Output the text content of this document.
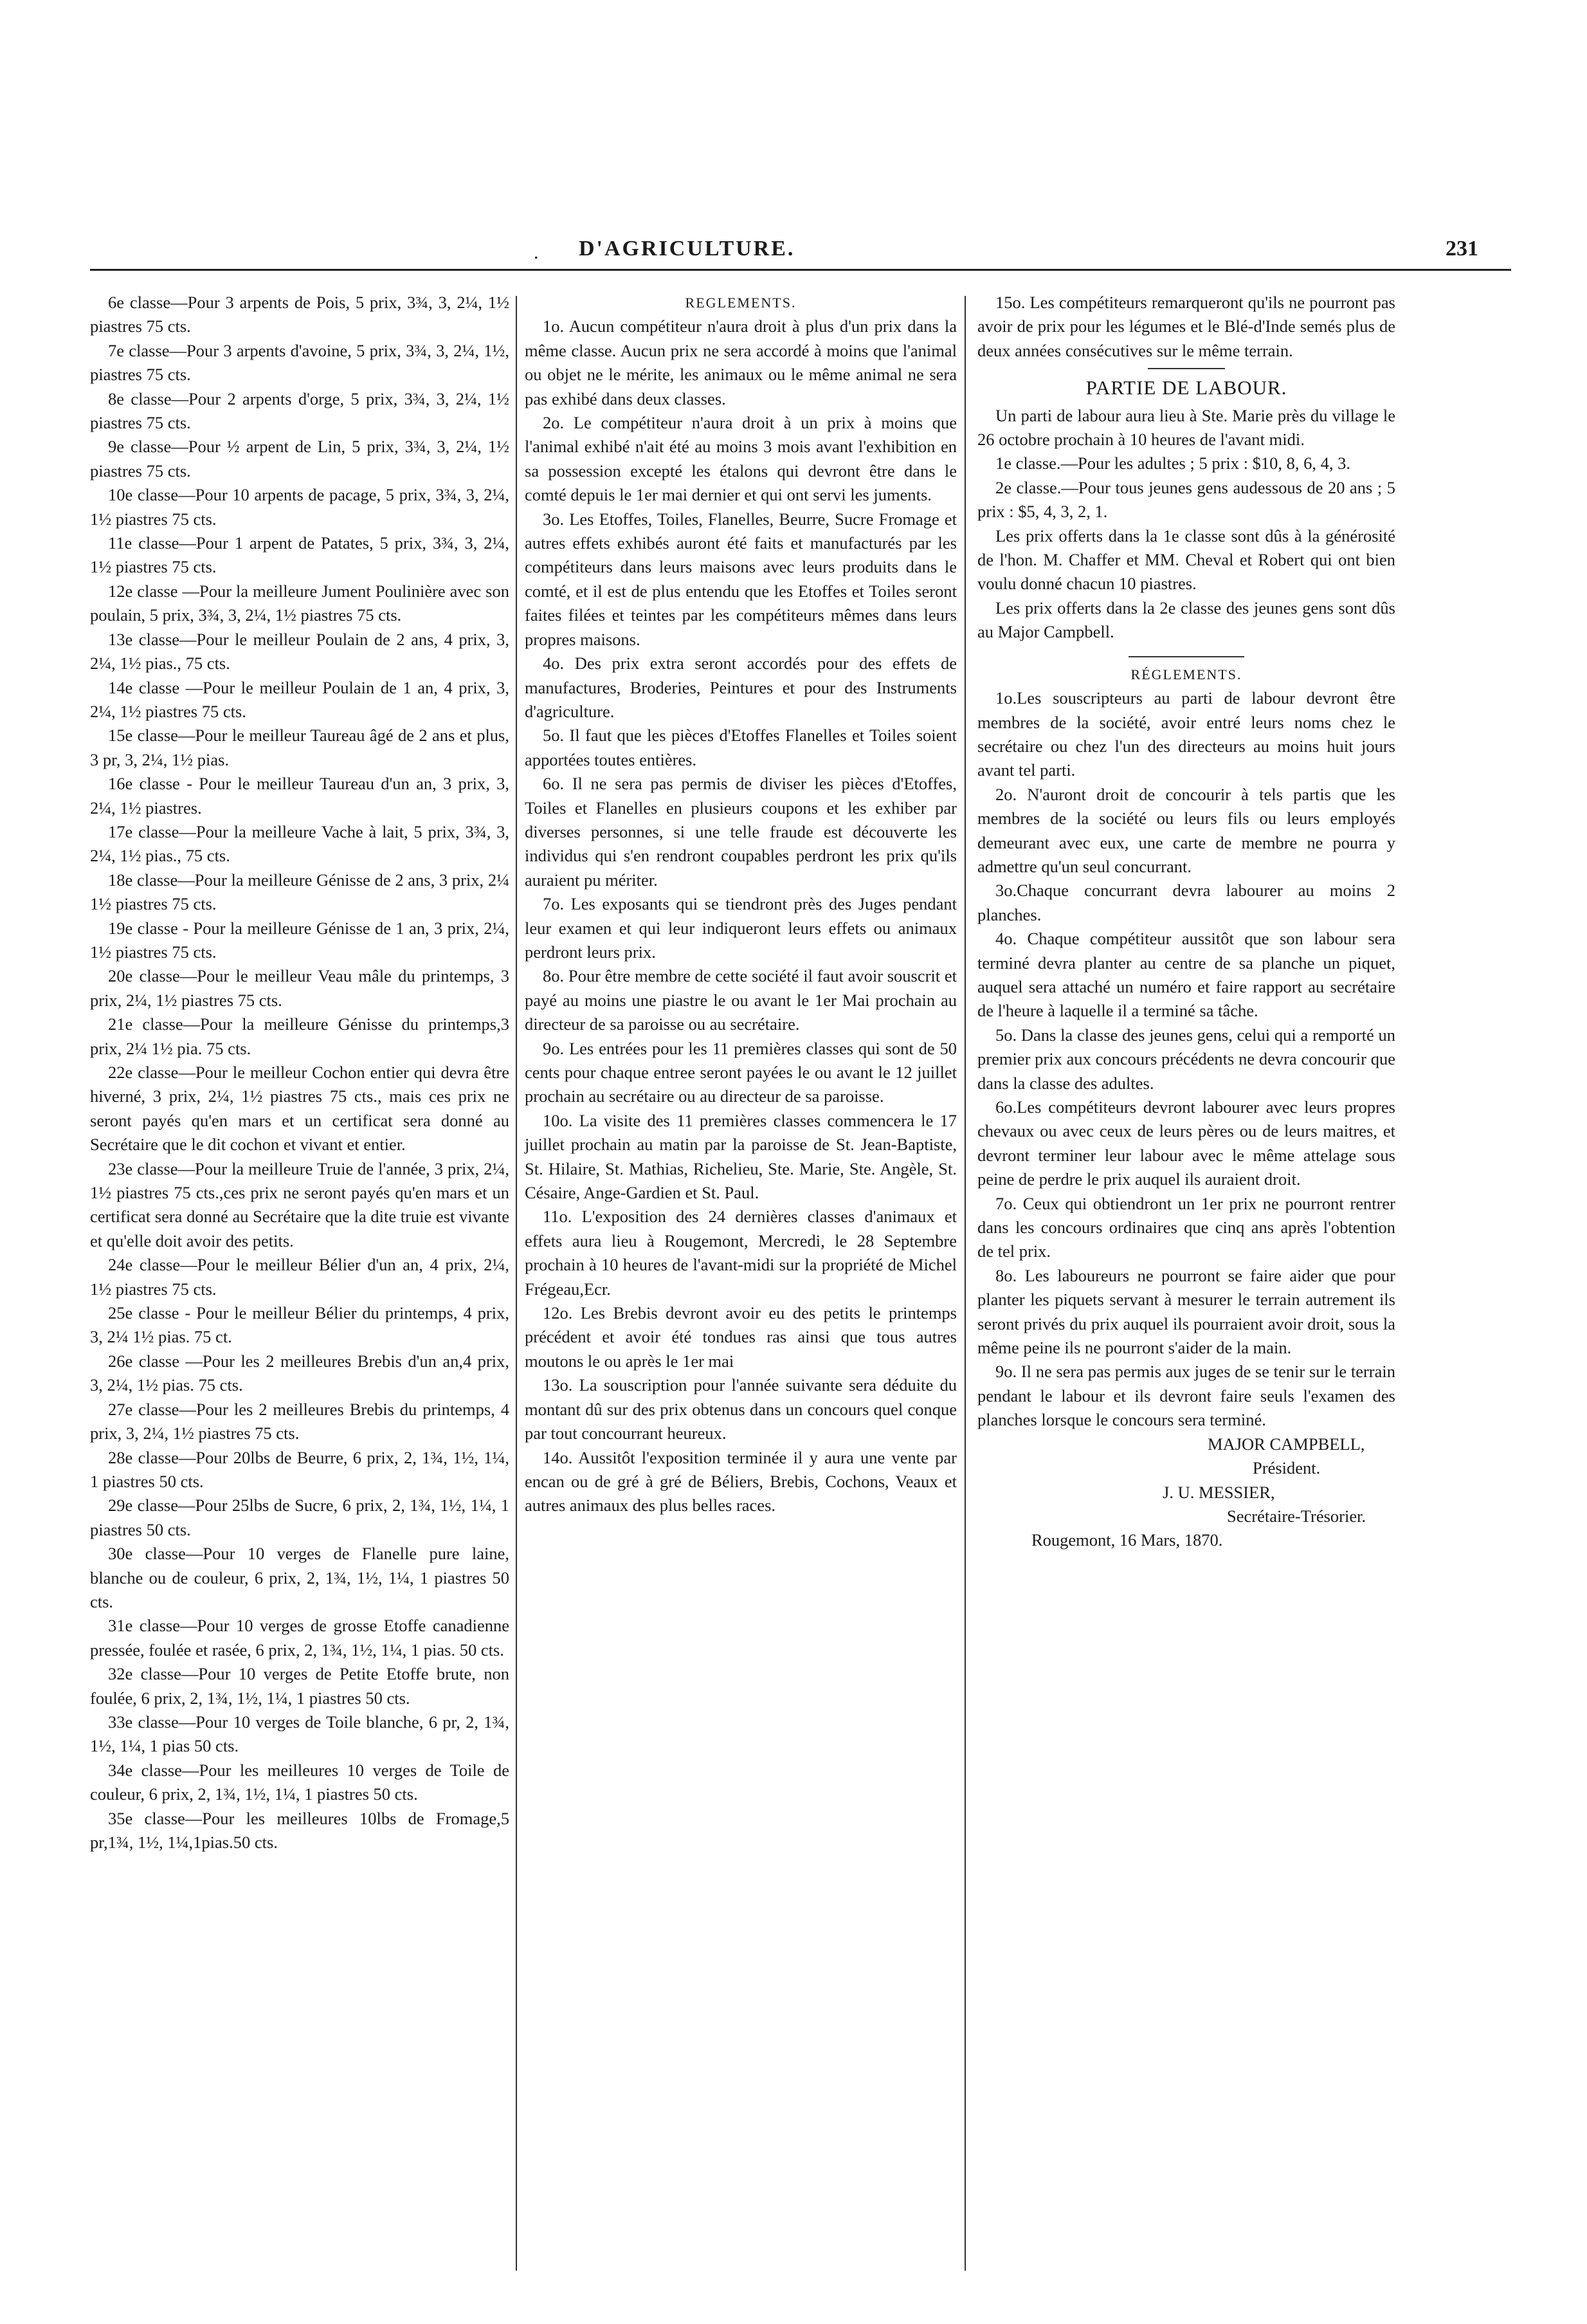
. D'AGRICULTURE.	231

6e classe—Pour 3 arpents de Pois, 5 prix, 3¾, 3, 2¼, 1½ piastres 75 cts.

7e classe—Pour 3 arpents d'avoine, 5 prix, 3¾, 3, 2¼, 1½, piastres 75 cts.

8e classe—Pour 2 arpents d'orge, 5 prix, 3¾, 3, 2¼, 1½ piastres 75 cts.

9e classe—Pour ½ arpent de Lin, 5 prix, 3¾, 3, 2¼, 1½ piastres 75 cts.

10e classe—Pour 10 arpents de pacage, 5 prix, 3¾, 3, 2¼, 1½ piastres 75 cts.

11e classe—Pour 1 arpent de Patates, 5 prix, 3¾, 3, 2¼, 1½ piastres 75 cts.

12e classe —Pour la meilleure Jument Poulinière avec son poulain, 5 prix, 3¾, 3, 2¼, 1½ piastres 75 cts.

13e classe—Pour le meilleur Poulain de 2 ans, 4 prix, 3, 2¼, 1½ pias., 75 cts.

14e classe —Pour le meilleur Poulain de 1 an, 4 prix, 3, 2¼, 1½ piastres 75 cts.

15e classe—Pour le meilleur Taureau âgé de 2 ans et plus, 3 pr, 3, 2¼, 1½ pias.

16e classe - Pour le meilleur Taureau d'un an, 3 prix, 3, 2¼, 1½ piastres.

17e classe—Pour la meilleure Vache à lait, 5 prix, 3¾, 3, 2¼, 1½ pias., 75 cts.

18e classe—Pour la meilleure Génisse de 2 ans, 3 prix, 2¼ 1½ piastres 75 cts.

19e classe - Pour la meilleure Génisse de 1 an, 3 prix, 2¼, 1½ piastres 75 cts.

20e classe—Pour le meilleur Veau mâle du printemps, 3 prix, 2¼, 1½ piastres 75 cts.

21e classe—Pour la meilleure Génisse du printemps,3 prix, 2¼ 1½ pia. 75 cts.

22e classe—Pour le meilleur Cochon entier qui devra être hiverné, 3 prix, 2¼, 1½ piastres 75 cts., mais ces prix ne seront payés qu'en mars et un certificat sera donné au Secrétaire que le dit cochon et vivant et entier.

23e classe—Pour la meilleure Truie de l'année, 3 prix, 2¼, 1½ piastres 75 cts.,ces prix ne seront payés qu'en mars et un certificat sera donné au Secrétaire que la dite truie est vivante et qu'elle doit avoir des petits.

24e classe—Pour le meilleur Bélier d'un an, 4 prix, 2¼, 1½ piastres 75 cts.

25e classe - Pour le meilleur Bélier du printemps, 4 prix, 3, 2¼ 1½ pias. 75 ct.

26e classe —Pour les 2 meilleures Brebis d'un an,4 prix, 3, 2¼, 1½ pias. 75 cts.

27e classe—Pour les 2 meilleures Brebis du printemps, 4 prix, 3, 2¼, 1½ piastres 75 cts.

28e classe—Pour 20lbs de Beurre, 6 prix, 2, 1¾, 1½, 1¼, 1 piastres 50 cts.

29e classe—Pour 25lbs de Sucre, 6 prix, 2, 1¾, 1½, 1¼, 1 piastres 50 cts.

30e classe—Pour 10 verges de Flanelle pure laine, blanche ou de couleur, 6 prix, 2, 1¾, 1½, 1¼, 1 piastres 50 cts.

31e classe—Pour 10 verges de grosse Etoffe canadienne pressée, foulée et rasée, 6 prix, 2, 1¾, 1½, 1¼, 1 pias. 50 cts.

32e classe—Pour 10 verges de Petite Etoffe brute, non foulée, 6 prix, 2, 1¾, 1½, 1¼, 1 piastres 50 cts.

33e classe—Pour 10 verges de Toile blanche, 6 pr, 2, 1¾, 1½, 1¼, 1 pias 50 cts.

34e classe—Pour les meilleures 10 verges de Toile de couleur, 6 prix, 2, 1¾, 1½, 1¼, 1 piastres 50 cts.

35e classe—Pour les meilleures 10lbs de Fromage,5 pr,1¾, 1½, 1¼,1pias.50 cts.

REGLEMENTS.

1o. Aucun compétiteur n'aura droit à plus d'un prix dans la même classe. Aucun prix ne sera accordé à moins que l'animal ou objet ne le mérite, les animaux ou le même animal ne sera pas exhibé dans deux classes.

2o. Le compétiteur n'aura droit à un prix à moins que l'animal exhibé n'ait été au moins 3 mois avant l'exhibition en sa possession excepté les étalons qui devront être dans le comté depuis le 1er mai dernier et qui ont servi les juments.

3o. Les Etoffes, Toiles, Flanelles, Beurre, Sucre Fromage et autres effets exhibés auront été faits et manufacturés par les compétiteurs dans leurs maisons avec leurs produits dans le comté, et il est de plus entendu que les Etoffes et Toiles seront faites filées et teintes par les compétiteurs mêmes dans leurs propres maisons.

4o. Des prix extra seront accordés pour des effets de manufactures, Broderies, Peintures et pour des Instruments d'agriculture.

5o. Il faut que les pièces d'Etoffes Flanelles et Toiles soient apportées toutes entières.

6o. Il ne sera pas permis de diviser les pièces d'Etoffes, Toiles et Flanelles en plusieurs coupons et les exhiber par diverses personnes, si une telle fraude est découverte les individus qui s'en rendront coupables perdront les prix qu'ils auraient pu mériter.

7o. Les exposants qui se tiendront près des Juges pendant leur examen et qui leur indiqueront leurs effets ou animaux perdront leurs prix.

8o. Pour être membre de cette société il faut avoir souscrit et payé au moins une piastre le ou avant le 1er Mai prochain au directeur de sa paroisse ou au secrétaire.

9o. Les entrées pour les 11 premières classes qui sont de 50 cents pour chaque entree seront payées le ou avant le 12 juillet prochain au secrétaire ou au directeur de sa paroisse.

10o. La visite des 11 premières classes commencera le 17 juillet prochain au matin par la paroisse de St. Jean-Baptiste, St. Hilaire, St. Mathias, Richelieu, Ste. Marie, Ste. Angèle, St. Césaire, Ange-Gardien et St. Paul.

11o. L'exposition des 24 dernières classes d'animaux et effets aura lieu à Rougemont, Mercredi, le 28 Septembre prochain à 10 heures de l'avant-midi sur la propriété de Michel Frégeau,Ecr.

12o. Les Brebis devront avoir eu des petits le printemps précédent et avoir été tondues ras ainsi que tous autres moutons le ou après le 1er mai

13o. La souscription pour l'année suivante sera déduite du montant dû sur des prix obtenus dans un concours quel conque par tout concourrant heureux.

14o. Aussitôt l'exposition terminée il y aura une vente par encan ou de gré à gré de Béliers, Brebis, Cochons, Veaux et autres animaux des plus belles races.

15o. Les compétiteurs remarqueront qu'ils ne pourront pas avoir de prix pour les légumes et le Blé-d'Inde semés plus de deux années consécutives sur le même terrain.

PARTIE DE LABOUR.

Un parti de labour aura lieu à Ste. Marie près du village le 26 octobre prochain à 10 heures de l'avant midi.

1e classe.—Pour les adultes ; 5 prix : $10, 8, 6, 4, 3.

2e classe.—Pour tous jeunes gens audessous de 20 ans ; 5 prix : $5, 4, 3, 2, 1.

Les prix offerts dans la 1e classe sont dûs à la générosité de l'hon. M. Chaffer et MM. Cheval et Robert qui ont bien voulu donné chacun 10 piastres.

Les prix offerts dans la 2e classe des jeunes gens sont dûs au Major Campbell.

RÉGLEMENTS.

1o.Les souscripteurs au parti de labour devront être membres de la société, avoir entré leurs noms chez le secrétaire ou chez l'un des directeurs au moins huit jours avant tel parti.

2o. N'auront droit de concourir à tels partis que les membres de la société ou leurs fils ou leurs employés demeurant avec eux, une carte de membre ne pourra y admettre qu'un seul concurrant.

3o.Chaque concurrant devra labourer au moins 2 planches.

4o. Chaque compétiteur aussitôt que son labour sera terminé devra planter au centre de sa planche un piquet, auquel sera attaché un numéro et faire rapport au secrétaire de l'heure à laquelle il a terminé sa tâche.

5o. Dans la classe des jeunes gens, celui qui a remporté un premier prix aux concours précédents ne devra concourir que dans la classe des adultes.

6o.Les compétiteurs devront labourer avec leurs propres chevaux ou avec ceux de leurs pères ou de leurs maitres, et devront terminer leur labour avec le même attelage sous peine de perdre le prix auquel ils auraient droit.

7o. Ceux qui obtiendront un 1er prix ne pourront rentrer dans les concours ordinaires que cinq ans après l'obtention de tel prix.

8o. Les laboureurs ne pourront se faire aider que pour planter les piquets servant à mesurer le terrain autrement ils seront privés du prix auquel ils pourraient avoir droit, sous la même peine ils ne pourront s'aider de la main.

9o. Il ne sera pas permis aux juges de se tenir sur le terrain pendant le labour et ils devront faire seuls l'examen des planches lorsque le concours sera terminé.

MAJOR CAMPBELL,

Président.

J. U. MESSIER,

Secrétaire-Trésorier.

Rougemont, 16 Mars, 1870.
